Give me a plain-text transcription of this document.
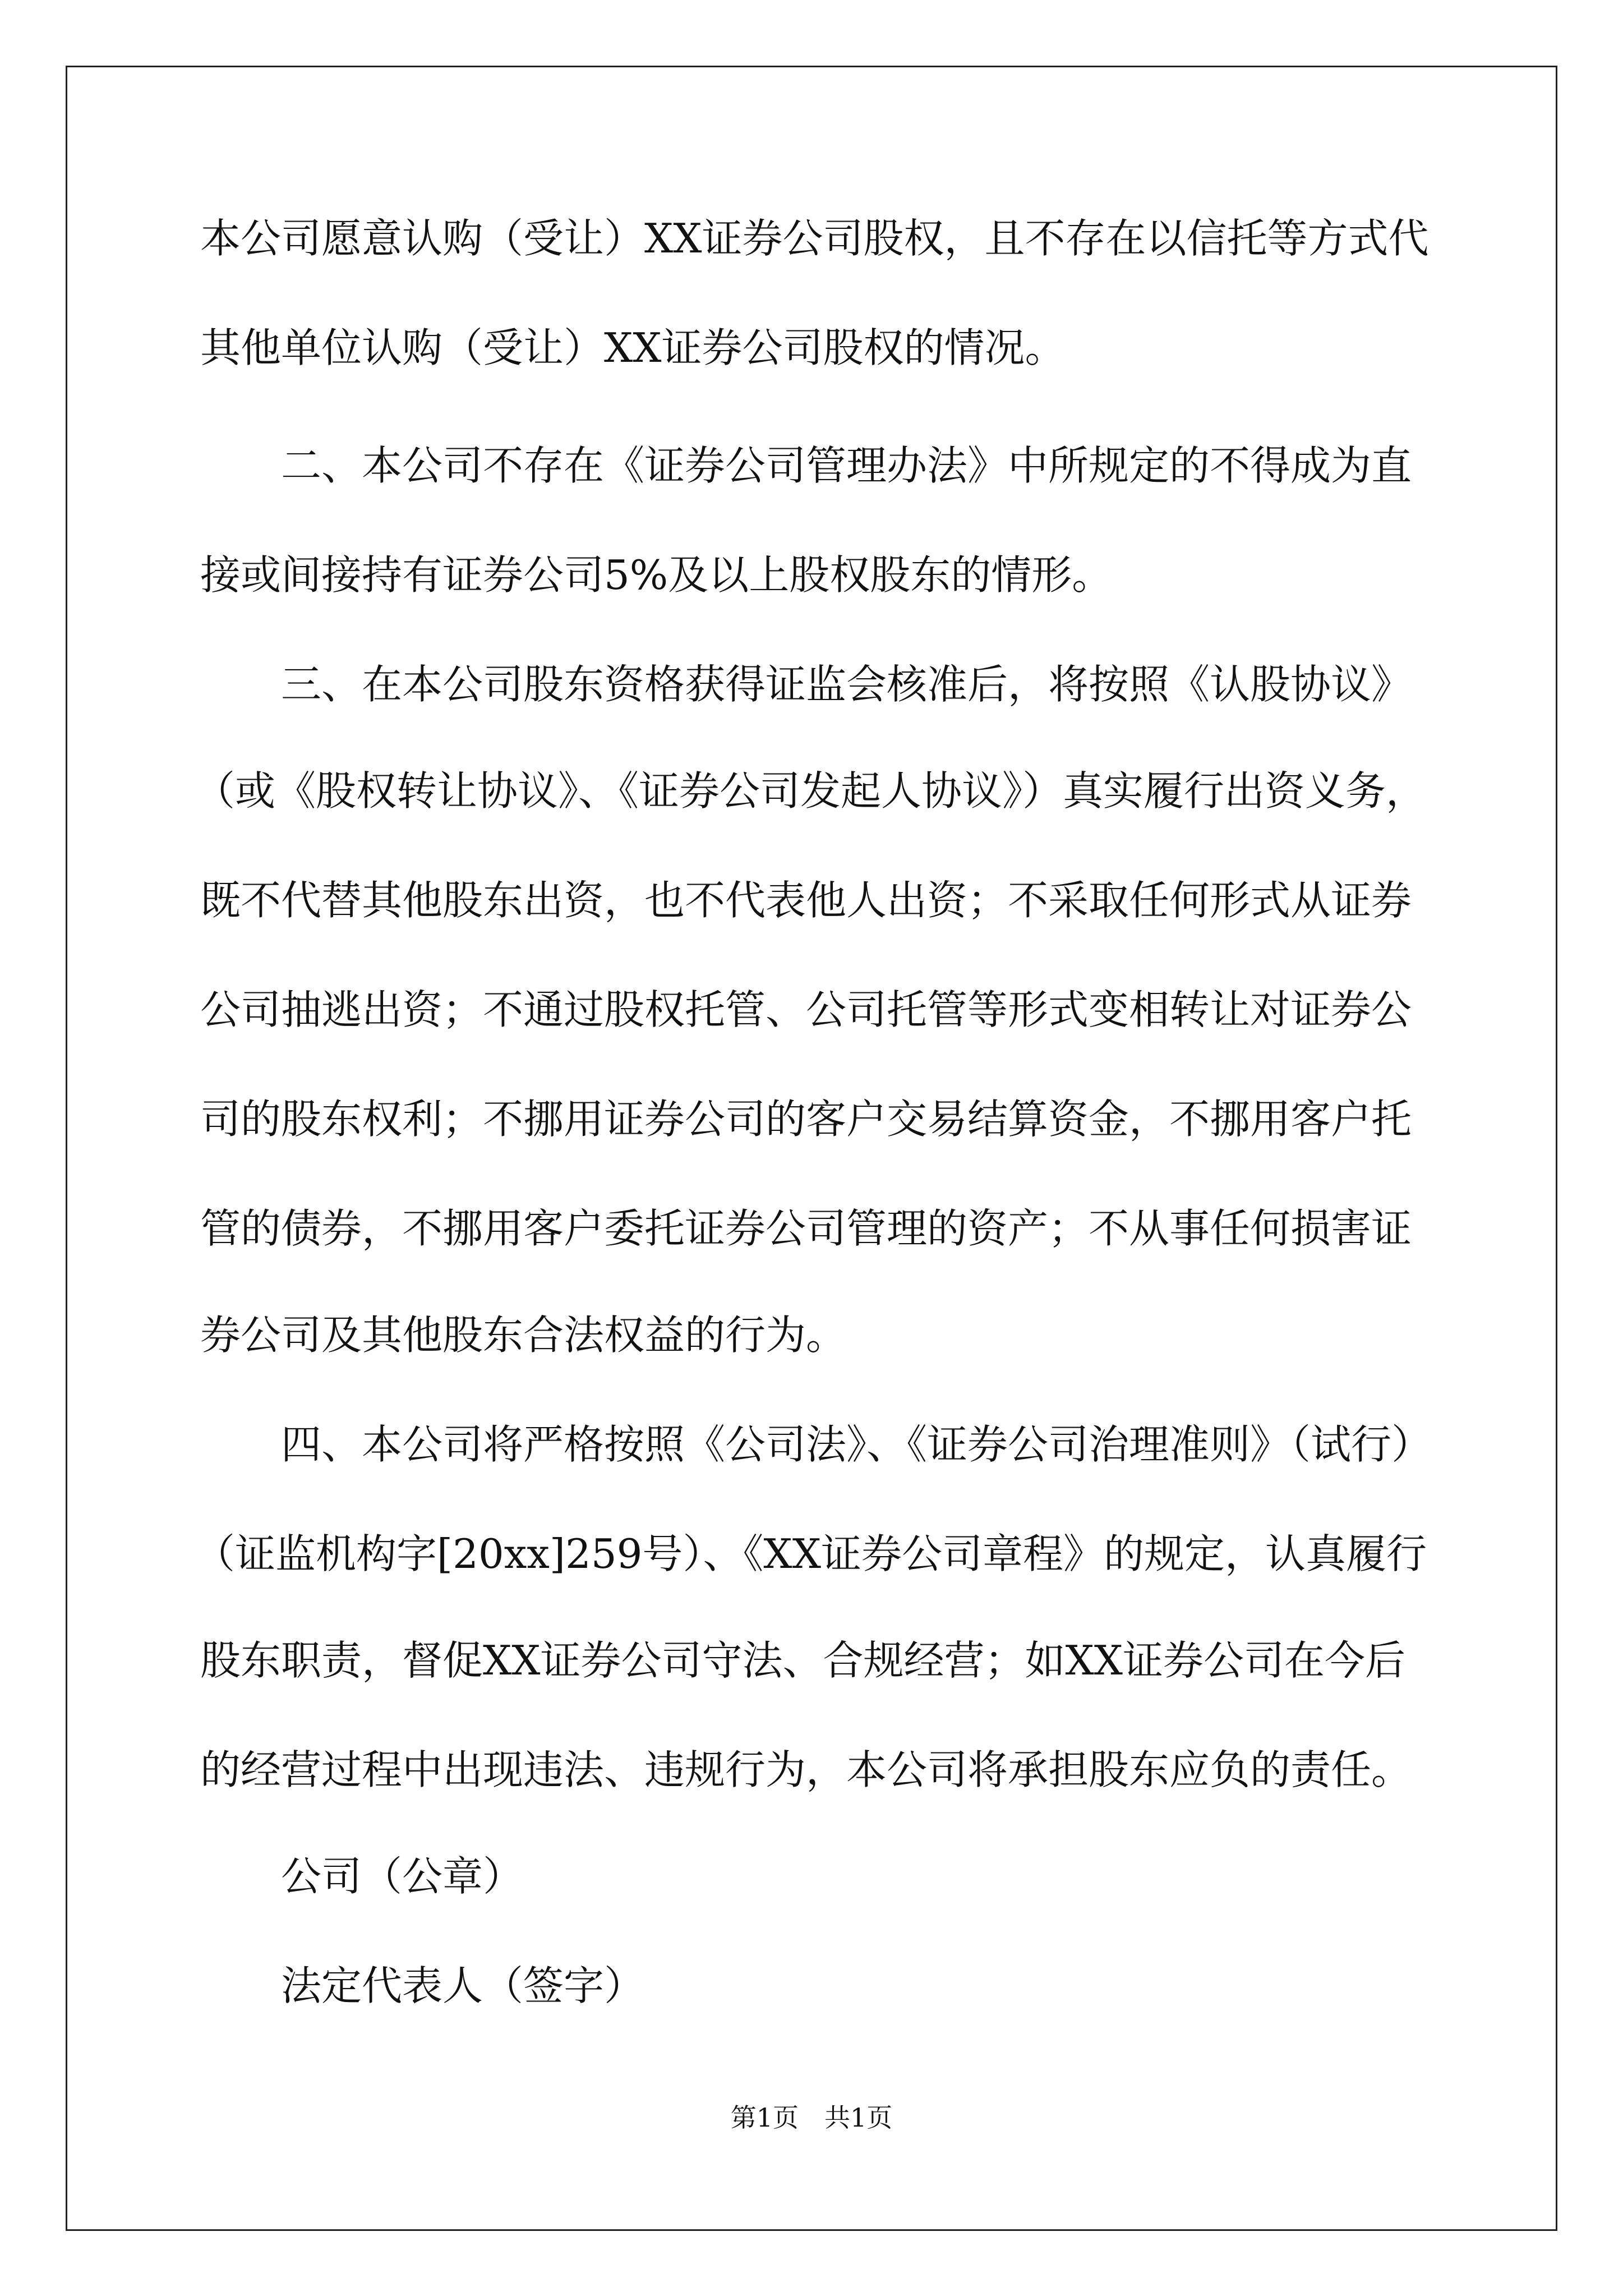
本公司愿意认购（受让）XX证券公司股权，且不存在以信托等方式代
其他单位认购（受让）XX证券公司股权的情况。
二、本公司不存在《证券公司管理办法》中所规定的不得成为直
接或间接持有证券公司5%及以上股权股东的情形。
三、在本公司股东资格获得证监会核准后，将按照《认股协议》
（或《股权转让协议》、《证券公司发起人协议》）真实履行出资义务，
既不代替其他股东出资，也不代表他人出资；不采取任何形式从证券
公司抽逃出资；不通过股权托管、公司托管等形式变相转让对证券公
司的股东权利；不挪用证券公司的客户交易结算资金，不挪用客户托
管的债券，不挪用客户委托证券公司管理的资产；不从事任何损害证
券公司及其他股东合法权益的行为。
四、本公司将严格按照《公司法》、《证券公司治理准则》（试行）
（证监机构字[20xx]259号）、《XX证券公司章程》的规定，认真履行
股东职责，督促XX证券公司守法、合规经营；如XX证券公司在今后
的经营过程中出现违法、违规行为，本公司将承担股东应负的责任。
公司（公章）
法定代表人（签字）
第1页　共1页
